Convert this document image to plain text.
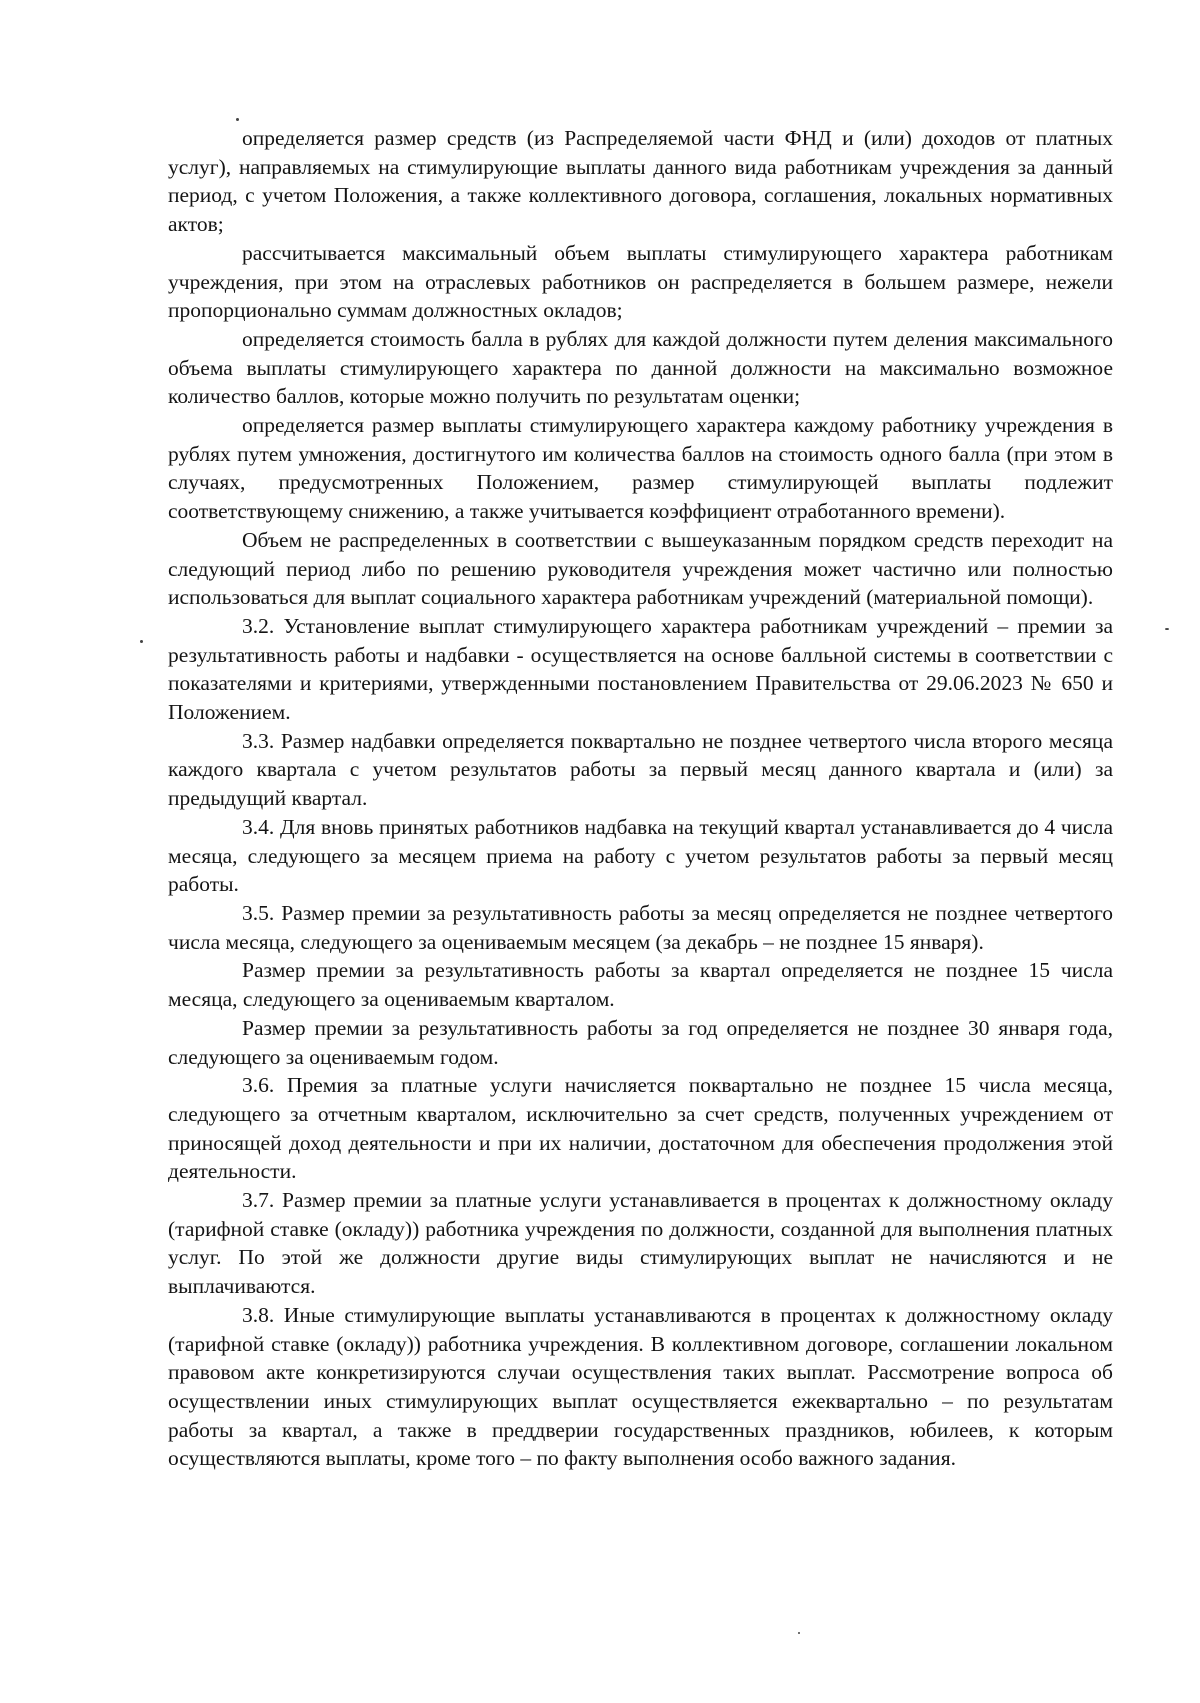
определяется размер средств (из Распределяемой части ФНД и (или) доходов от платных услуг), направляемых на стимулирующие выплаты данного вида работникам учреждения за данный период, с учетом Положения, а также коллективного договора, соглашения, локальных нормативных актов;

рассчитывается максимальный объем выплаты стимулирующего характера работникам учреждения, при этом на отраслевых работников он распределяется в большем размере, нежели пропорционально суммам должностных окладов;

определяется стоимость балла в рублях для каждой должности путем деления максимального объема выплаты стимулирующего характера по данной должности на максимально возможное количество баллов, которые можно получить по результатам оценки;

определяется размер выплаты стимулирующего характера каждому работнику учреждения в рублях путем умножения, достигнутого им количества баллов на стоимость одного балла (при этом в случаях, предусмотренных Положением, размер стимулирующей выплаты подлежит соответствующему снижению, а также учитывается коэффициент отработанного времени).

Объем не распределенных в соответствии с вышеуказанным порядком средств переходит на следующий период либо по решению руководителя учреждения может частично или полностью использоваться для выплат социального характера работникам учреждений (материальной помощи).

3.2. Установление выплат стимулирующего характера работникам учреждений – премии за результативность работы и надбавки - осуществляется на основе балльной системы в соответствии с показателями и критериями, утвержденными постановлением Правительства от 29.06.2023 № 650 и Положением.

3.3. Размер надбавки определяется поквартально не позднее четвертого числа второго месяца каждого квартала с учетом результатов работы за первый месяц данного квартала и (или) за предыдущий квартал.

3.4. Для вновь принятых работников надбавка на текущий квартал устанавливается до 4 числа месяца, следующего за месяцем приема на работу с учетом результатов работы за первый месяц работы.

3.5. Размер премии за результативность работы за месяц определяется не позднее четвертого числа месяца, следующего за оцениваемым месяцем (за декабрь – не позднее 15 января).

Размер премии за результативность работы за квартал определяется не позднее 15 числа месяца, следующего за оцениваемым кварталом.

Размер премии за результативность работы за год определяется не позднее 30 января года, следующего за оцениваемым годом.

3.6. Премия за платные услуги начисляется поквартально не позднее 15 числа месяца, следующего за отчетным кварталом, исключительно за счет средств, полученных учреждением от приносящей доход деятельности и при их наличии, достаточном для обеспечения продолжения этой деятельности.

3.7. Размер премии за платные услуги устанавливается в процентах к должностному окладу (тарифной ставке (окладу)) работника учреждения по должности, созданной для выполнения платных услуг. По этой же должности другие виды стимулирующих выплат не начисляются и не выплачиваются.

3.8. Иные стимулирующие выплаты устанавливаются в процентах к должностному окладу (тарифной ставке (окладу)) работника учреждения. В коллективном договоре, соглашении локальном правовом акте конкретизируются случаи осуществления таких выплат. Рассмотрение вопроса об осуществлении иных стимулирующих выплат осуществляется ежеквартально – по результатам работы за квартал, а также в преддверии государственных праздников, юбилеев, к которым осуществляются выплаты, кроме того – по факту выполнения особо важного задания.
